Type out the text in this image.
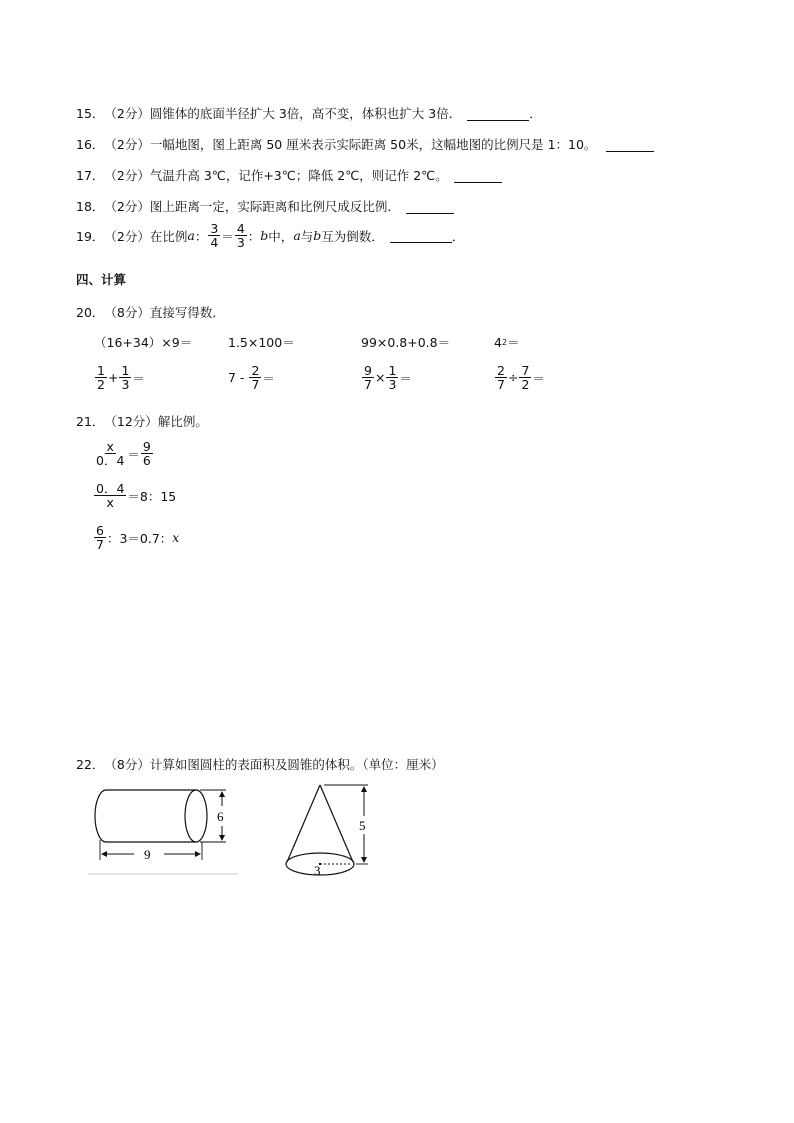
15． （2分） 圆锥体的底面半径扩大 3倍，高不变，体积也扩大 3倍．	．
16． （2分） 一幅地图，图上距离 50 厘米表示实际距离 50米，这幅地图的比例尺是 1：10。
17． （2分） 气温升高 3℃，记作+3℃；降低 2℃，则记作 2℃。
18． （2分） 图上距离一定，实际距离和比例尺成反比例．
19． （2分） 在比例 a ： $\frac{3}{4} = \frac{4}{3}$ ： b 中， a 与 b 互为倒数．	．
四、计算
20． （8分） 直接写得数．
（16+34）×9＝	1.5×100＝	99×0.8+0.8＝	4 2 ＝
$\frac{1}{2} + \frac{1}{3}$ ＝	$7 - \frac{2}{7}$ ＝	$\frac{9}{7} \times \frac{1}{3}$ ＝	$\frac{2}{7} \div \frac{7}{2}$ ＝
21． （12分） 解比例。
$\frac{x}{0.4} = \frac{9}{6}$
$\frac{0.4}{x} =8$：15
$\frac{6}{7}$ ：3＝0.7： x
22． （8分） 计算如图圆柱的表面积及圆锥的体积。（单位：厘米）
6
9
5
3
